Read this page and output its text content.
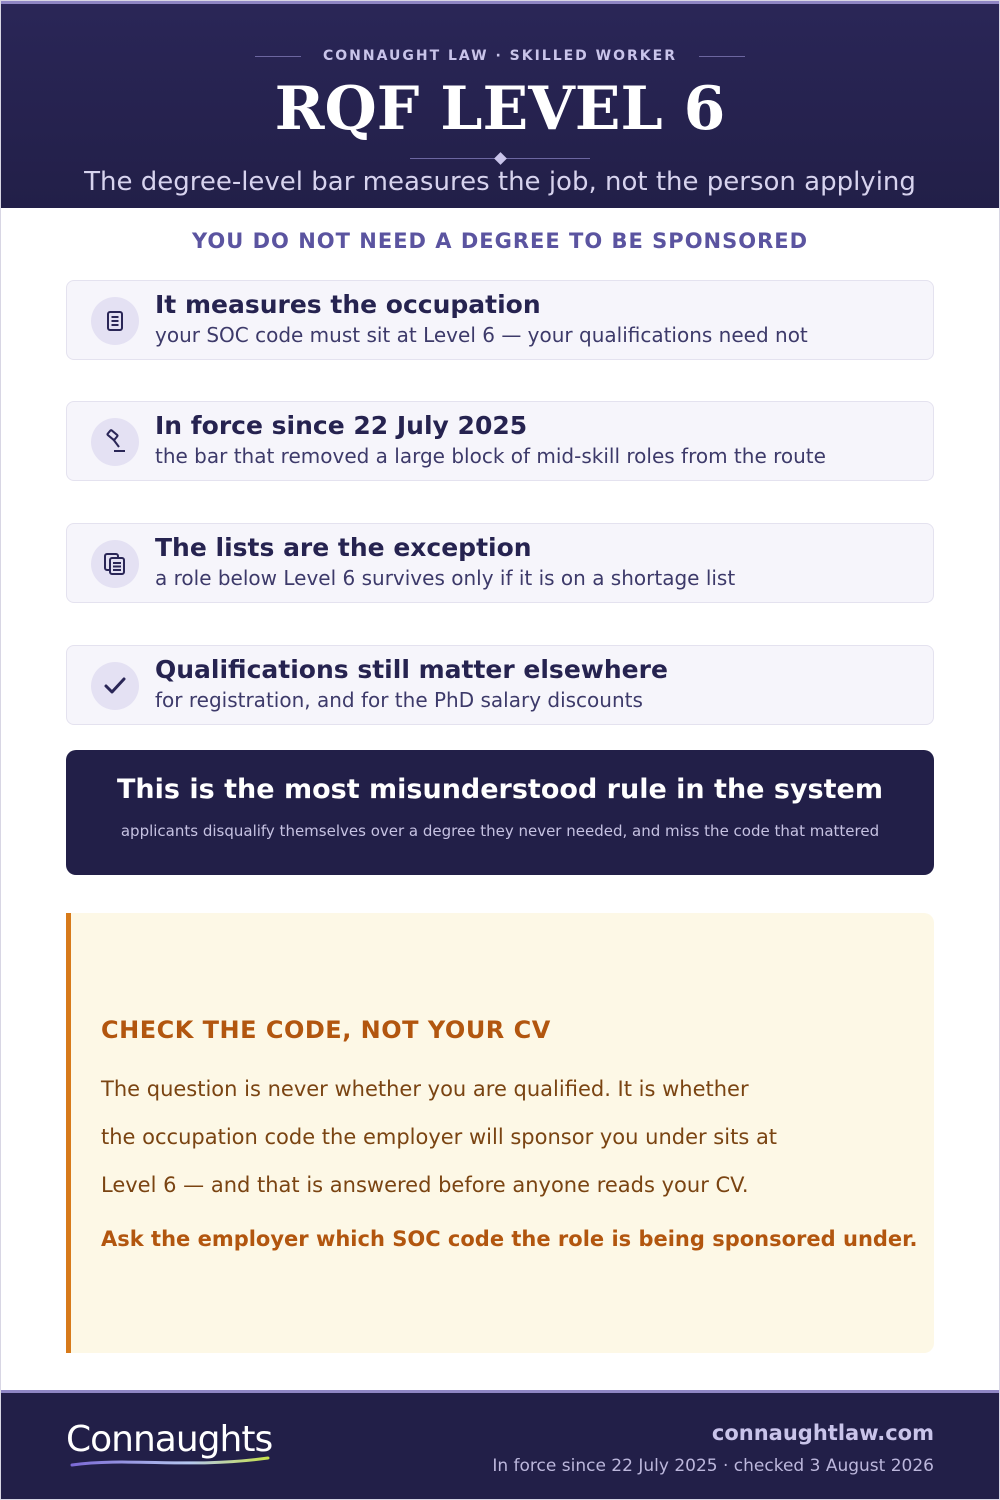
CONNAUGHT LAW · SKILLED WORKER
RQF LEVEL 6
The degree-level bar measures the job, not the person applying
YOU DO NOT NEED A DEGREE TO BE SPONSORED
It measures the occupation
your SOC code must sit at Level 6 — your qualifications need not
In force since 22 July 2025
the bar that removed a large block of mid-skill roles from the route
The lists are the exception
a role below Level 6 survives only if it is on a shortage list
Qualifications still matter elsewhere
for registration, and for the PhD salary discounts
This is the most misunderstood rule in the system
applicants disqualify themselves over a degree they never needed, and miss the code that mattered
CHECK THE CODE, NOT YOUR CV
The question is never whether you are qualified. It is whether
the occupation code the employer will sponsor you under sits at
Level 6 — and that is answered before anyone reads your CV.
Ask the employer which SOC code the role is being sponsored under.
Connaughts	connaughtlaw.com
In force since 22 July 2025 · checked 3 August 2026
